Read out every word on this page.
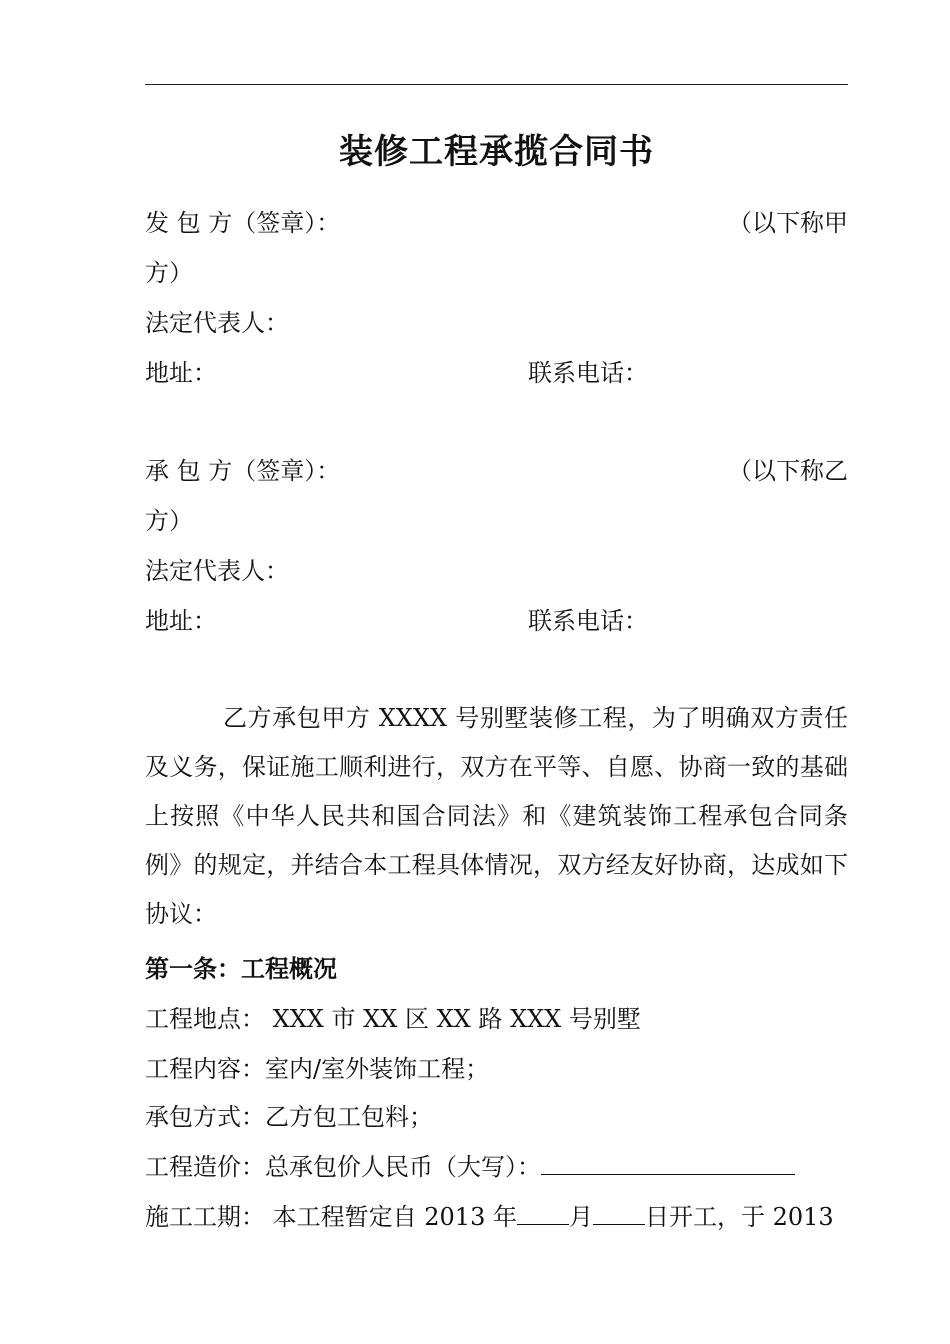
装修工程承揽合同书
发 包 方（签章）：	（以下称甲
方）
法定代表人：
地址：	联系电话：
承 包 方（签章）：	（以下称乙
方）
法定代表人：
地址：	联系电话：
乙方承包甲方 XXXX 号别墅装修工程，为了明确双方责任
及义务，保证施工顺利进行，双方在平等、自愿、协商一致的基础
上按照《中华人民共和国合同法》和《建筑装饰工程承包合同条
例》的规定，并结合本工程具体情况，双方经友好协商，达成如下
协议：
第一条：工程概况
工程地点： XXX 市 XX 区 XX 路 XXX 号别墅
工程内容：室内/室外装饰工程；
承包方式：乙方包工包料；
工程造价：总承包价人民币（大写）：
施工工期： 本工程暂定自 2013 年 月 日开工，于 2013
